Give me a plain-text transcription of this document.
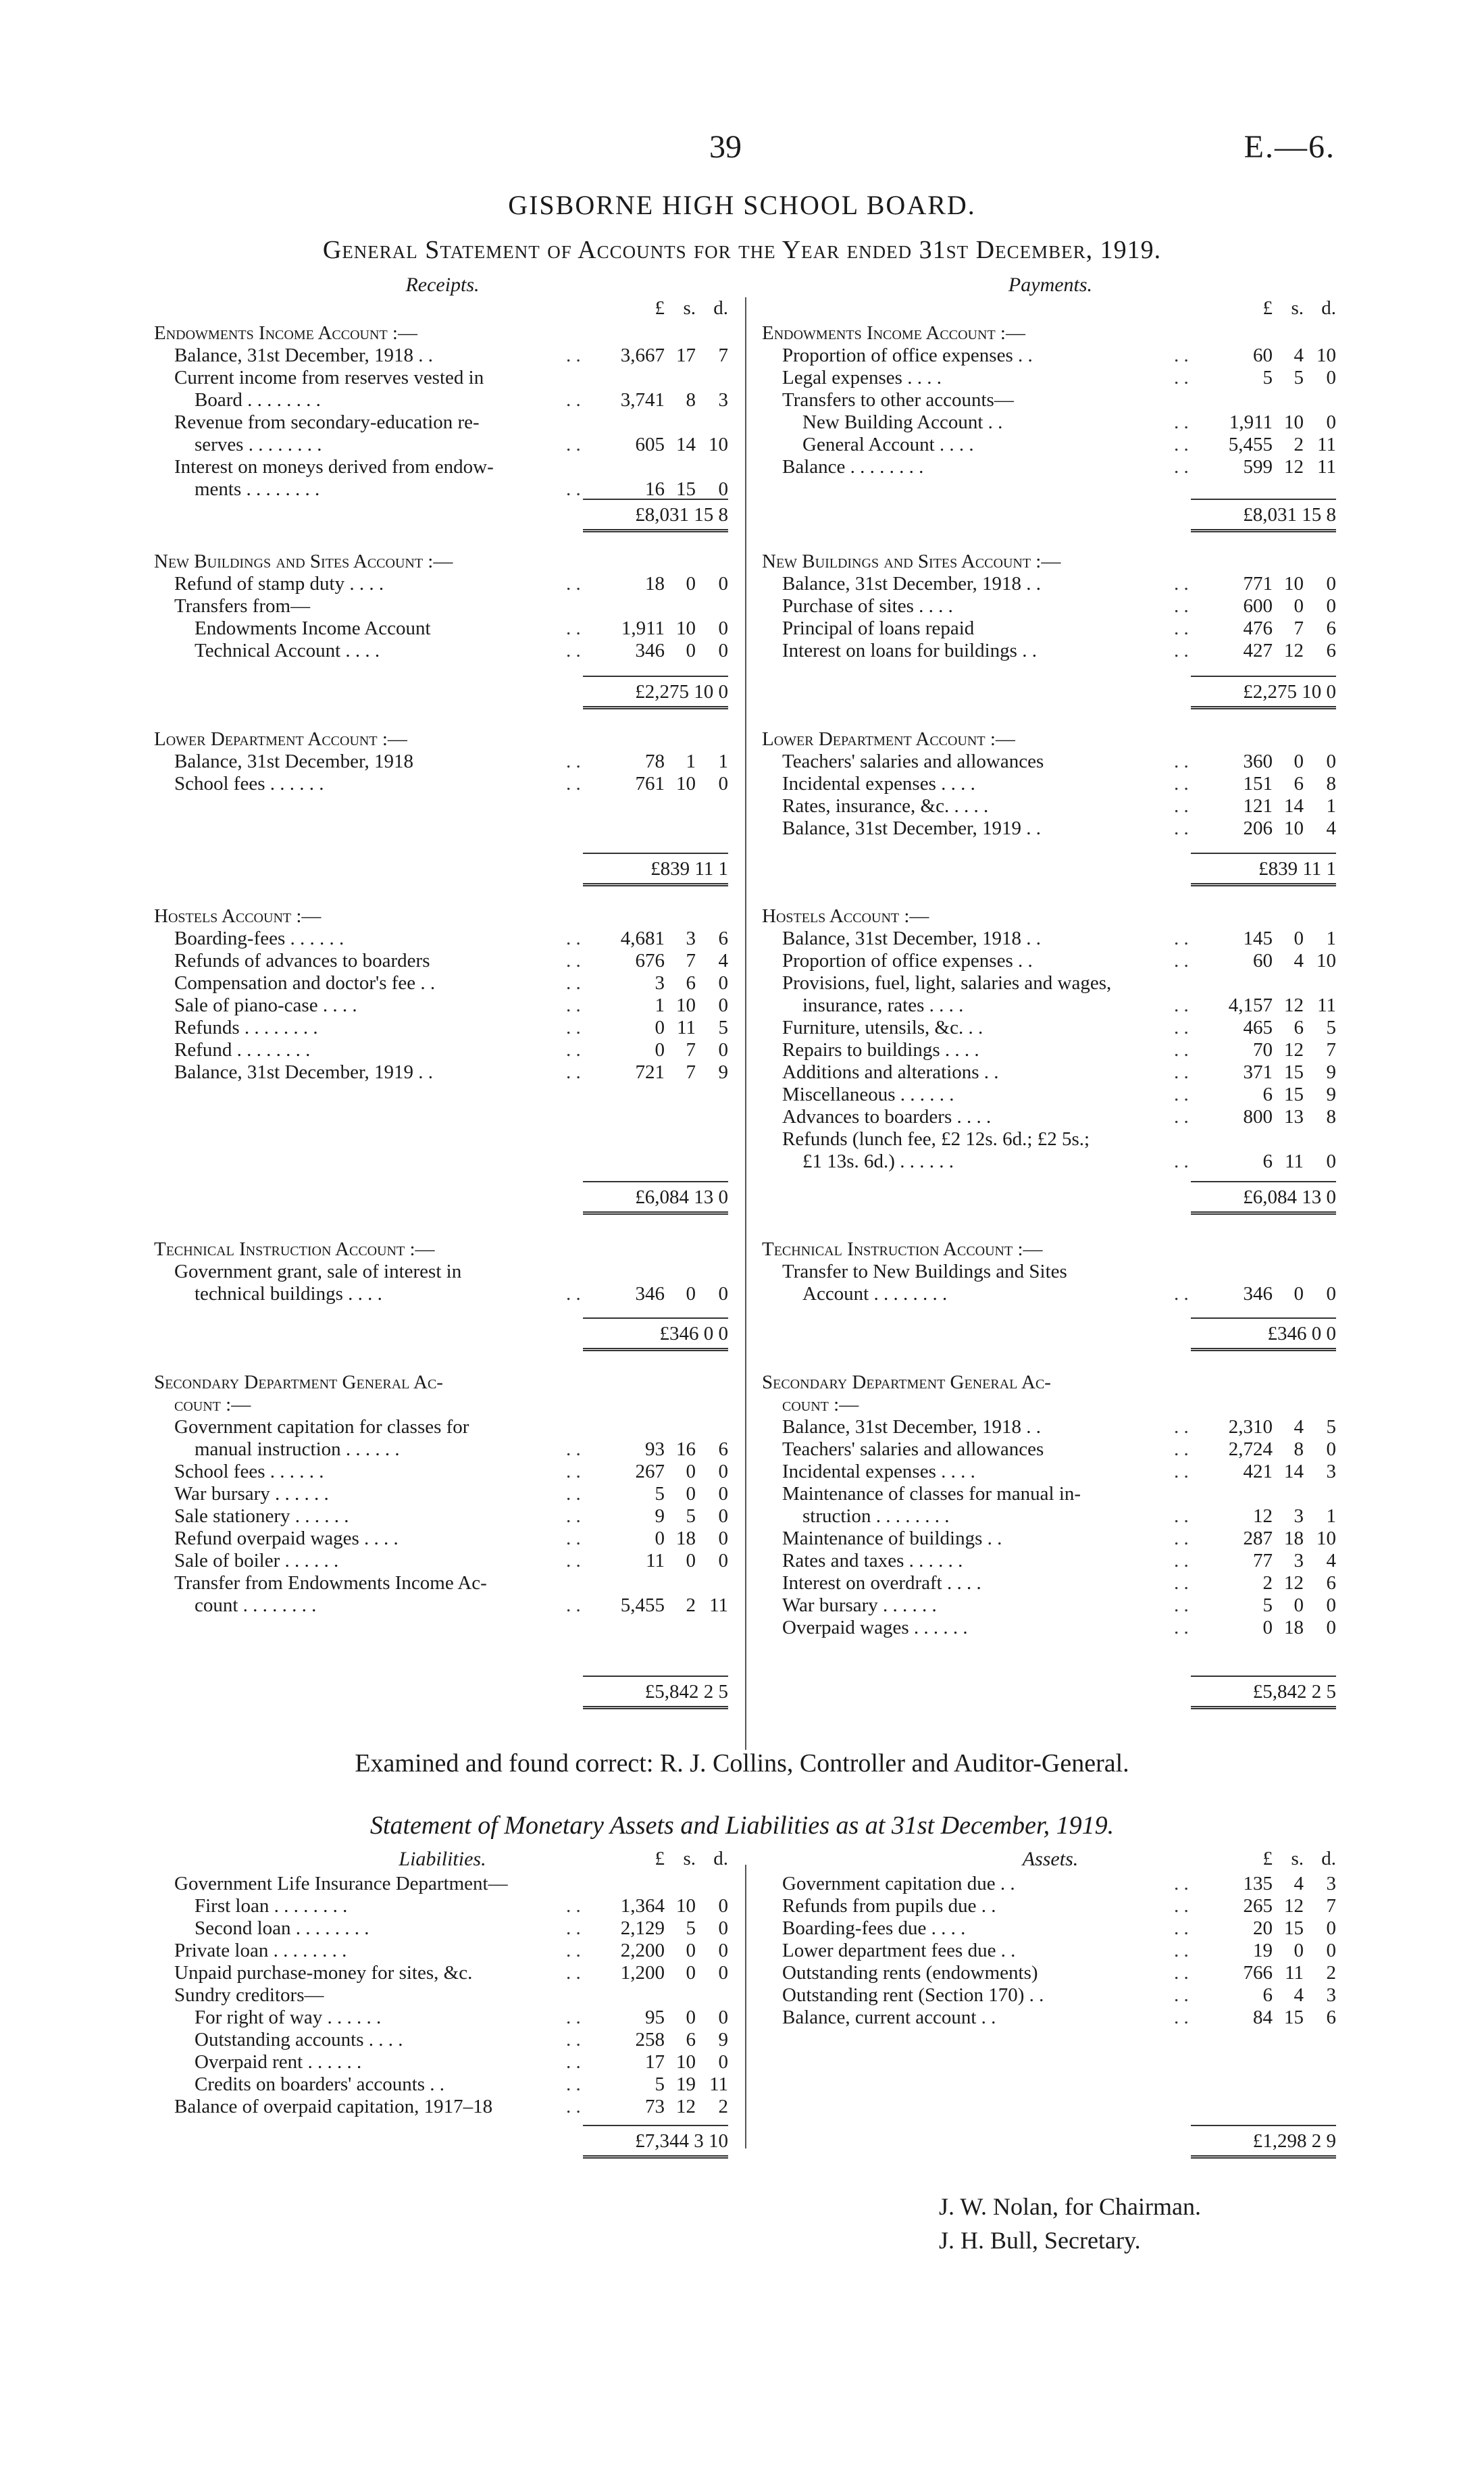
39	E.—6.
GISBORNE HIGH SCHOOL BOARD.
General Statement of Accounts for the Year ended 31st December, 1919.
Receipts.	Payments.
£ s. d.
Endowments Income Account :—
Balance, 31st December, 1918 . .	. .	3,667 17	7
Current income from reserves vested in
Board . . . . . . . .	. .	3,741	8	3
Revenue from secondary-education re-
serves . . . . . . . .	. .	605 14 10
Interest on moneys derived from endow-
ments . . . . . . . .	. .	16 15	0
£8,031 15 8
New Buildings and Sites Account :—
Refund of stamp duty . . . .	. .	18	0	0
Transfers from—
Endowments Income Account	. .	1,911 10	0
Technical Account . . . .	. .	346	0	0
£2,275 10 0
Lower Department Account :—
Balance, 31st December, 1918	. .	78	1	1
School fees . . . . . .	. .	761 10	0
£839 11 1
Hostels Account :—
Boarding-fees . . . . . .	. .	4,681	3	6
Refunds of advances to boarders	. .	676	7	4
Compensation and doctor's fee . .	. .	3	6	0
Sale of piano-case . . . .	. .	1 10	0
Refunds . . . . . . . .	. .	0 11	5
Refund . . . . . . . .	. .	0	7	0
Balance, 31st December, 1919 . .	. .	721	7	9
£6,084 13 0
Technical Instruction Account :—
Government grant, sale of interest in
technical buildings . . . .	. .	346	0	0
£346 0 0
Secondary Department General Ac-
count :—
Government capitation for classes for
manual instruction . . . . . .	. .	93 16	6
School fees . . . . . .	. .	267	0	0
War bursary . . . . . .	. .	5	0	0
Sale stationery . . . . . .	. .	9	5	0
Refund overpaid wages . . . .	. .	0 18	0
Sale of boiler . . . . . .	. .	11	0	0
Transfer from Endowments Income Ac-
count . . . . . . . .	. .	5,455	2 11
£5,842 2 5
£ s. d.
Endowments Income Account :—
Proportion of office expenses . .	. .	60	4 10
Legal expenses . . . .	. .	5	5	0
Transfers to other accounts—
New Building Account . .	. .	1,911 10	0
General Account . . . .	. .	5,455	2 11
Balance . . . . . . . .	. .	599 12 11
£8,031 15 8
New Buildings and Sites Account :—
Balance, 31st December, 1918 . .	. .	771 10	0
Purchase of sites . . . .	. .	600	0	0
Principal of loans repaid	. .	476	7	6
Interest on loans for buildings . .	. .	427 12	6
£2,275 10 0
Lower Department Account :—
Teachers' salaries and allowances	. .	360	0	0
Incidental expenses . . . .	. .	151	6	8
Rates, insurance, &c. . . . .	. .	121 14	1
Balance, 31st December, 1919 . .	. .	206 10	4
£839 11 1
Hostels Account :—
Balance, 31st December, 1918 . .	. .	145	0	1
Proportion of office expenses . .	. .	60	4 10
Provisions, fuel, light, salaries and wages,
insurance, rates . . . .	. .	4,157 12 11
Furniture, utensils, &c. . .	. .	465	6	5
Repairs to buildings . . . .	. .	70 12	7
Additions and alterations . .	. .	371 15	9
Miscellaneous . . . . . .	. .	6 15	9
Advances to boarders . . . .	. .	800 13	8
Refunds (lunch fee, £2 12s. 6d.; £2 5s.;
£1 13s. 6d.) . . . . . .	. .	6 11	0
£6,084 13 0
Technical Instruction Account :—
Transfer to New Buildings and Sites
Account . . . . . . . .	. .	346	0	0
£346 0 0
Secondary Department General Ac-
count :—
Balance, 31st December, 1918 . .	. .	2,310	4	5
Teachers' salaries and allowances	. .	2,724	8	0
Incidental expenses . . . .	. .	421 14	3
Maintenance of classes for manual in-
struction . . . . . . . .	. .	12	3	1
Maintenance of buildings . .	. .	287 18 10
Rates and taxes . . . . . .	. .	77	3	4
Interest on overdraft . . . .	. .	2 12	6
War bursary . . . . . .	. .	5	0	0
Overpaid wages . . . . . .	. .	0 18	0
£5,842 2 5
Examined and found correct: R. J. Collins, Controller and Auditor-General.
Statement of Monetary Assets and Liabilities as at 31st December, 1919.
Liabilities.	Assets.
£ s. d.
Government Life Insurance Department—
First loan . . . . . . . .	. .	1,364 10	0
Second loan . . . . . . . .	. .	2,129	5	0
Private loan . . . . . . . .	. .	2,200	0	0
Unpaid purchase-money for sites, &c.	. .	1,200	0	0
Sundry creditors—
For right of way . . . . . .	. .	95	0	0
Outstanding accounts . . . .	. .	258	6	9
Overpaid rent . . . . . .	. .	17 10	0
Credits on boarders' accounts . .	. .	5 19 11
Balance of overpaid capitation, 1917–18	. .	73 12	2
£7,344 3 10
£ s. d.
Government capitation due . .	. .	135	4	3
Refunds from pupils due . .	. .	265 12	7
Boarding-fees due . . . .	. .	20 15	0
Lower department fees due . .	. .	19	0	0
Outstanding rents (endowments)	. .	766 11	2
Outstanding rent (Section 170) . .	. .	6	4	3
Balance, current account . .	. .	84 15	6
£1,298 2 9
J. W. Nolan, for Chairman.
J. H. Bull, Secretary.
